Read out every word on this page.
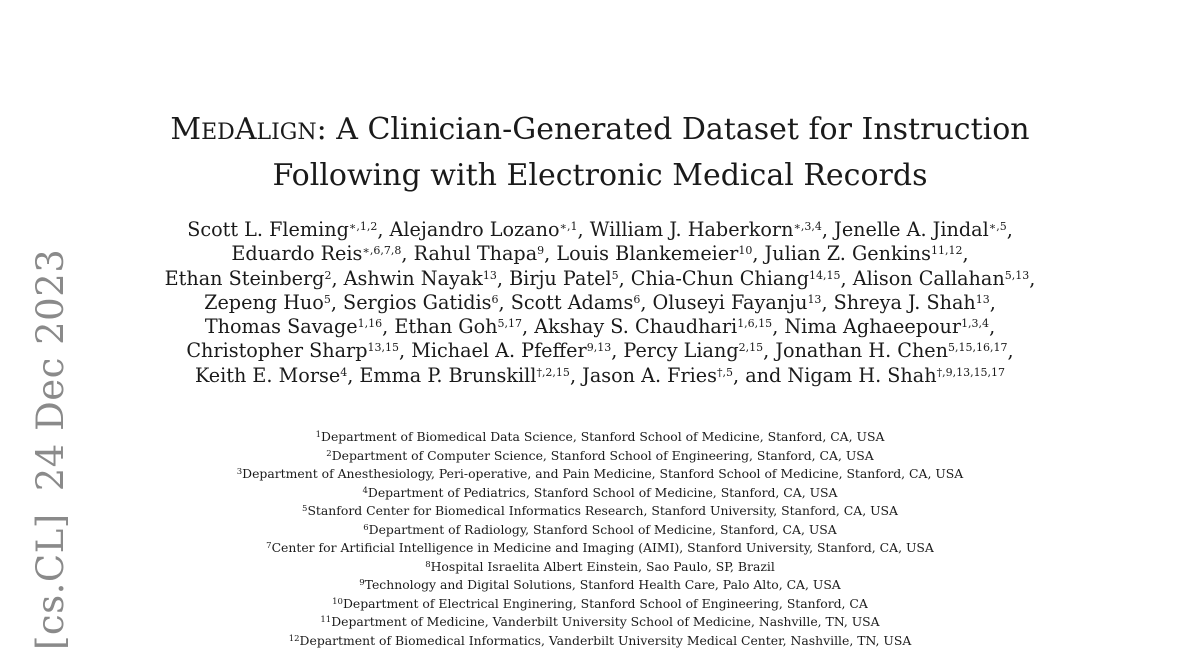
[cs.CL]24 Dec 2023
MEDALIGN: A Clinician-Generated Dataset for Instruction
Following with Electronic Medical Records
Scott L. Fleming$^{∗,1,2}$, Alejandro Lozano$^{∗,1}$, William J. Haberkorn$^{∗,3,4}$, Jenelle A. Jindal$^{∗,5}$,
Eduardo Reis$^{∗,6,7,8}$, Rahul Thapa$^9$, Louis Blankemeier$^{10}$, Julian Z. Genkins$^{11,12}$,
Ethan Steinberg$^2$, Ashwin Nayak$^{13}$, Birju Patel$^5$, Chia-Chun Chiang$^{14,15}$, Alison Callahan$^{5,13}$,
Zepeng Huo$^5$, Sergios Gatidis$^6$, Scott Adams$^6$, Oluseyi Fayanju$^{13}$, Shreya J. Shah$^{13}$,
Thomas Savage$^{1,16}$, Ethan Goh$^{5,17}$, Akshay S. Chaudhari$^{1,6,15}$, Nima Aghaeepour$^{1,3,4}$,
Christopher Sharp$^{13,15}$, Michael A. Pfeffer$^{9,13}$, Percy Liang$^{2,15}$, Jonathan H. Chen$^{5,15,16,17}$,
Keith E. Morse$^4$, Emma P. Brunskill$^{\dagger,2,15}$, Jason A. Fries$^{\dagger,5}$, and Nigam H. Shah$^{\dagger,9,13,15,17}$
$^1$Department of Biomedical Data Science, Stanford School of Medicine, Stanford, CA, USA
$^2$Department of Computer Science, Stanford School of Engineering, Stanford, CA, USA
$^3$Department of Anesthesiology, Peri-operative, and Pain Medicine, Stanford School of Medicine, Stanford, CA, USA
$^4$Department of Pediatrics, Stanford School of Medicine, Stanford, CA, USA
$^5$Stanford Center for Biomedical Informatics Research, Stanford University, Stanford, CA, USA
$^6$Department of Radiology, Stanford School of Medicine, Stanford, CA, USA
$^7$Center for Artificial Intelligence in Medicine and Imaging (AIMI), Stanford University, Stanford, CA, USA
$^8$Hospital Israelita Albert Einstein, Sao Paulo, SP, Brazil
$^9$Technology and Digital Solutions, Stanford Health Care, Palo Alto, CA, USA
$^{10}$Department of Electrical Enginering, Stanford School of Engineering, Stanford, CA
$^{11}$Department of Medicine, Vanderbilt University School of Medicine, Nashville, TN, USA
$^{12}$Department of Biomedical Informatics, Vanderbilt University Medical Center, Nashville, TN, USA
